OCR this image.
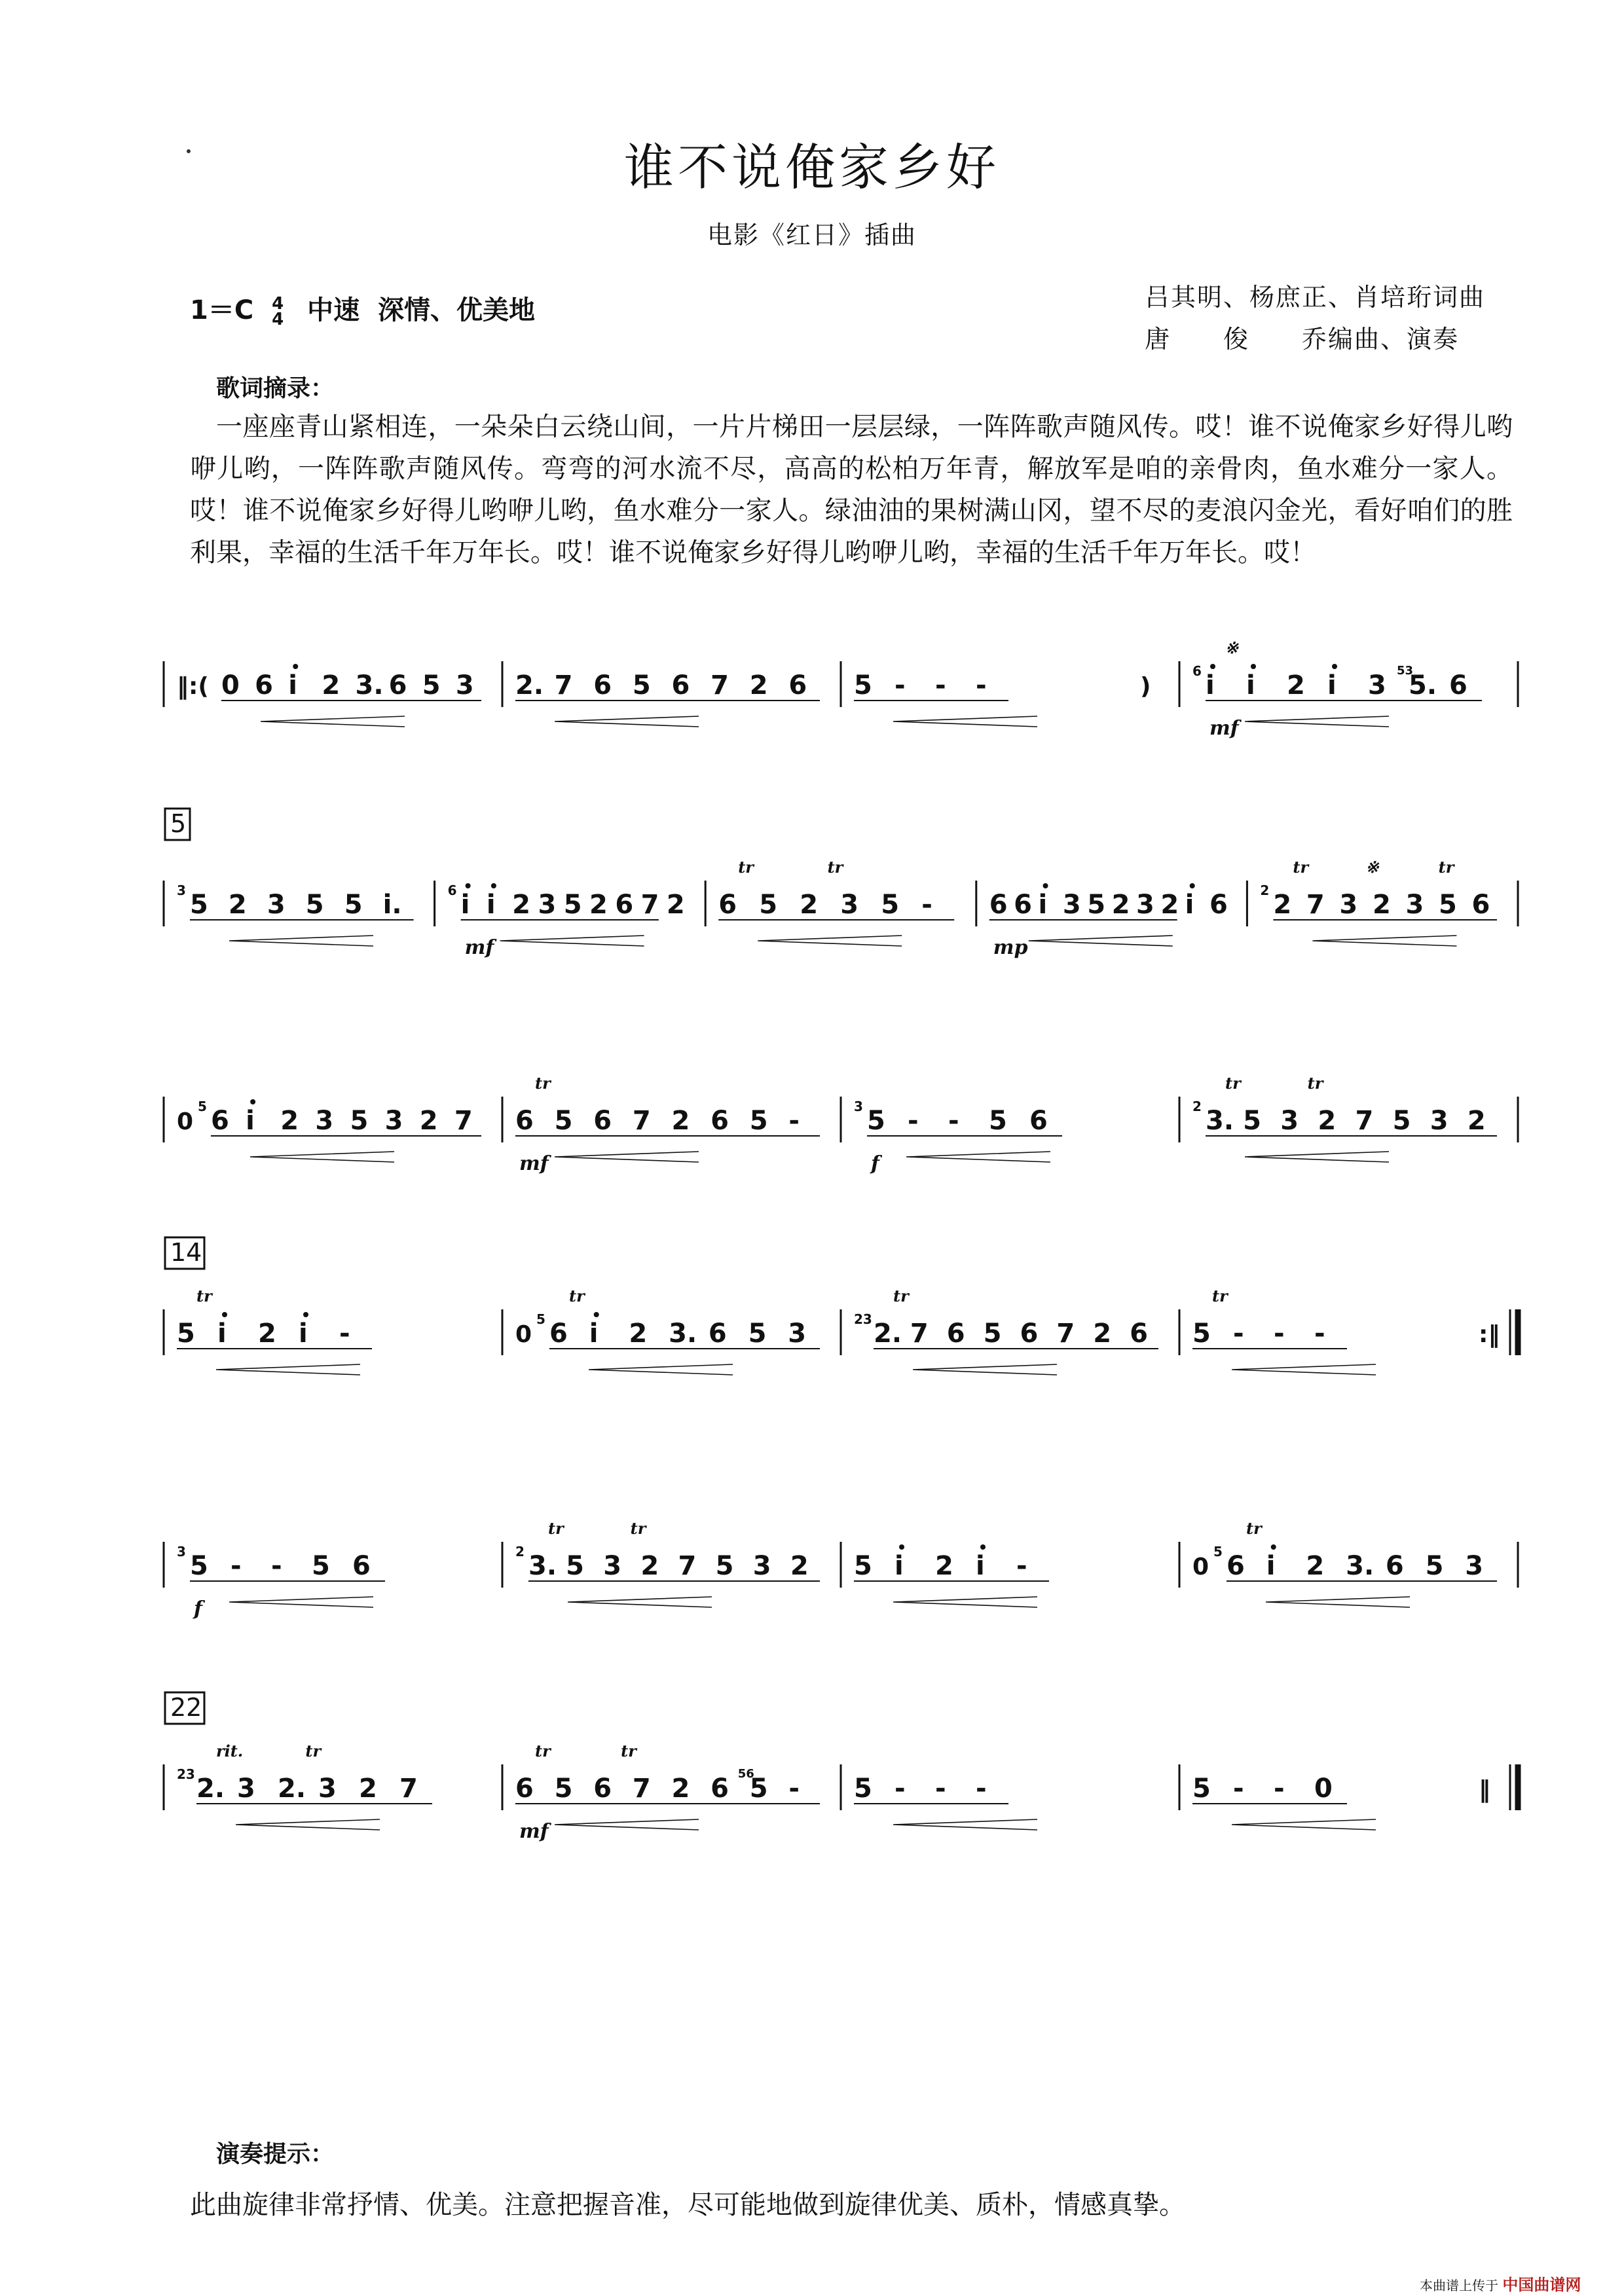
谁不说俺家乡好
电影《红日》插曲
1＝C 4
4 中速  深情、优美地	吕其明、杨庶正、肖培珩词曲
唐　　俊　　乔编曲、演奏
歌词摘录：
一座座青山紧相连，一朵朵白云绕山间，一片片梯田一层层绿，一阵阵歌声随风传。哎！谁不说俺家乡好得儿哟咿儿哟，一阵阵歌声随风传。弯弯的河水流不尽，高高的松柏万年青，解放军是咱的亲骨肉，鱼水难分一家人。哎！谁不说俺家乡好得儿哟咿儿哟，鱼水难分一家人。绿油油的果树满山冈，望不尽的麦浪闪金光，看好咱们的胜利果，幸福的生活千年万年长。哎！谁不说俺家乡好得儿哟咿儿哟，幸福的生活千年万年长。哎！
‖:( 0 6 i 2 3. 6 5 3 2. 7 6 5 6 7 2 6 5 - - -	)
6 i i 2 i 3 5. 6
53
※
mf
5
3 5 2 3 5 5 i.	6 i i 2 3 5 2 6 7 2
mf
6 5 2 3 5 -
tr	tr
6 6 i 3 5 2 3 2 i 6
mp
2 2 7 3 2 3 5 6
tr	※	tr
0
5 6 i 2 3 5 3 2 7 6 5 6 7 2 6 5 -
tr
mf
3 5 - - 5 6
f
2 3. 5 3 2 7 5 3 2
tr	tr
14
5 i 2 i -
tr
0
5 6 i 2 3. 6 5 3
tr
23 2. 7 6 5 6 7 2 6
tr
5 - - -	:‖
tr
3 5 - - 5 6
f
2 3. 5 3 2 7 5 3 2
tr	tr
5 i 2 i -	0
5 6 i 2 3. 6 5 3
tr
22
23 2. 3 2. 3 2 7
rit.	tr
6 5 6 7 2 6 5 -
56
tr	tr
mf
5 - - -	5 - - 0	‖
演奏提示：
此曲旋律非常抒情、优美。注意把握音准，尽可能地做到旋律优美、质朴，情感真挚。
本曲谱上传于 中国曲谱网
